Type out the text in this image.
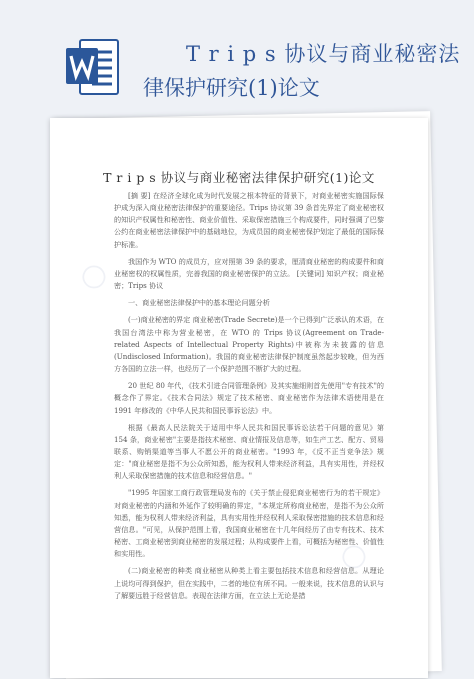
T r i p s 协议与商业秘密法
律保护研究(1)论文
○
○
T r i p s 协议与商业秘密法律保护研究(1)论文

[摘 要] 在经济全球化成为时代发展之根本特征的背景下，对商业秘密实施国际保护成为深入商业秘密法律保护的重要途径。Trips 协议第 39 条首先界定了商业秘密权的知识产权属性和秘密性、商业价值性、采取保密措施三个构成要件，同时强调了巴黎公约在商业秘密法律保护中的基础地位，为成员国的商业秘密保护划定了最低的国际保护标准。

我国作为 WTO 的成员方，应对照第 39 条的要求，厘清商业秘密的构成要件和商业秘密权的权属性质，完善我国的商业秘密保护的立法。 [关键词] 知识产权；商业秘密；Trips 协议

一、商业秘密法律保护中的基本理论问题分析

(一)商业秘密的界定 商业秘密(Trade Secrete)是一个已得到广泛承认的术语，在我国台湾法中称为营业秘密，在 WTO 的 Trips 协议(Agreement on Trade-related Aspects of Intellectual Property Rights)中被称为未披露的信息(Undisclosed Information)。我国的商业秘密法律保护制度虽然起步较晚，但为西方各国的立法一样，也经历了一个保护范围不断扩大的过程。

20 世纪 80 年代，《技术引进合同管理条例》及其实施细则首先使用"专有技术"的概念作了界定。《技术合同法》规定了技术秘密、商业秘密作为法律术语使用是在 1991 年修改的《中华人民共和国民事诉讼法》中。

根据《最高人民法院关于适用中华人民共和国民事诉讼法若干问题的意见》第 154 条，商业秘密"主要是指技术秘密、商业情报及信息等，如生产工艺、配方、贸易联系、购销渠道等当事人不愿公开的商业秘密。"1993 年，《反不正当竞争法》规定："商业秘密是指不为公众所知悉，能为权利人带来经济利益，具有实用性，并经权利人采取保密措施的技术信息和经营信息。"

"1995 年国家工商行政管理局发布的《关于禁止侵犯商业秘密行为的若干规定》对商业秘密的内涵和外延作了较明确的界定，"本规定所称商业秘密，是指不为公众所知悉，能为权利人带来经济利益，具有实用性并经权利人采取保密措施的技术信息和经营信息。"可见，从保护范围上看，我国商业秘密在十几年间经历了由专有技术、技术秘密、工商业秘密到商业秘密的发展过程；从构成要件上看，可概括为秘密性、价值性和实用性。

(二)商业秘密的种类 商业秘密从种类上看主要包括技术信息和经营信息。从理论上说均可得到保护，但在实践中，二者的地位有所不同。一般来说，技术信息的认识与了解要远胜于经营信息。表现在法律方面，在立法上无论是措
